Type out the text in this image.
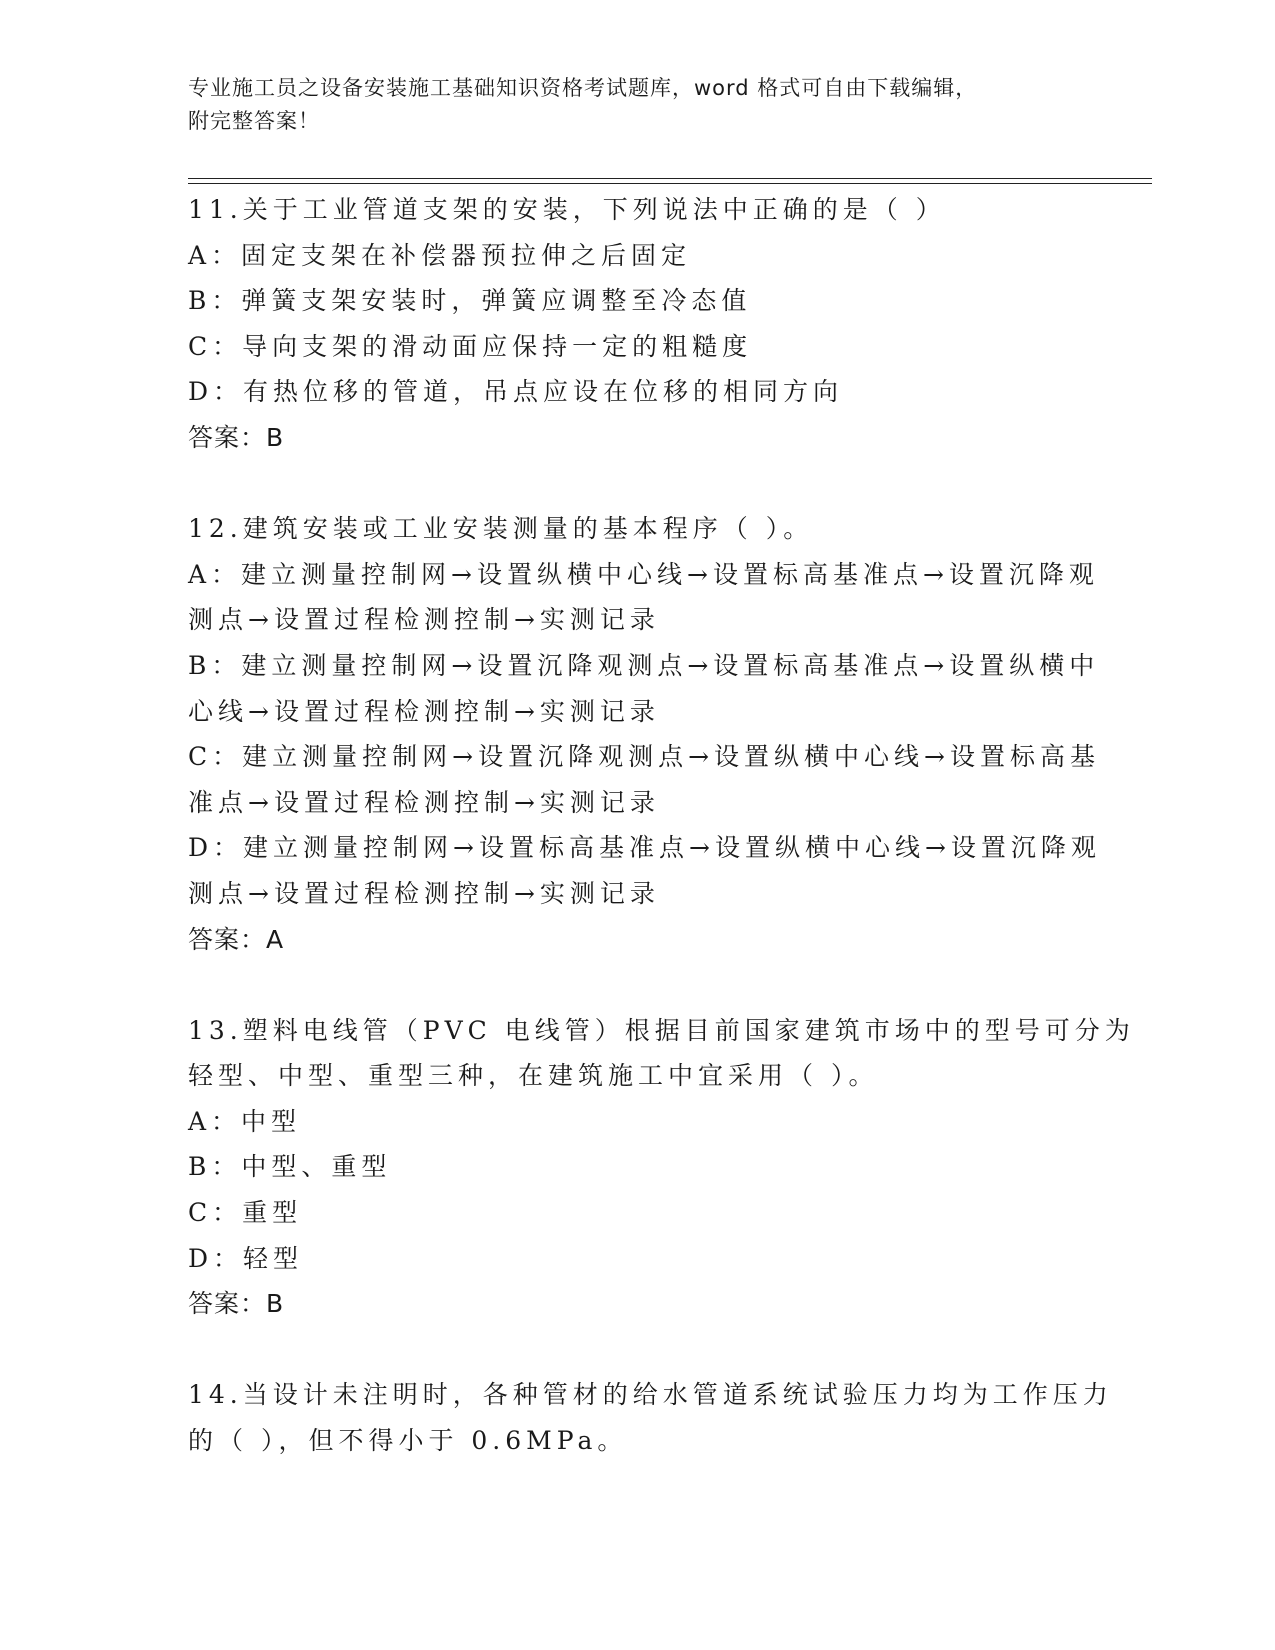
专业施工员之设备安装施工基础知识资格考试题库，word 格式可自由下载编辑，
附完整答案！
11.关于工业管道支架的安装，下列说法中正确的是（ ）
A：固定支架在补偿器预拉伸之后固定
B：弹簧支架安装时，弹簧应调整至冷态值
C：导向支架的滑动面应保持一定的粗糙度
D：有热位移的管道，吊点应设在位移的相同方向
答案：B
12.建筑安装或工业安装测量的基本程序（ ）。
A：建立测量控制网→设置纵横中心线→设置标高基准点→设置沉降观
测点→设置过程检测控制→实测记录
B：建立测量控制网→设置沉降观测点→设置标高基准点→设置纵横中
心线→设置过程检测控制→实测记录
C：建立测量控制网→设置沉降观测点→设置纵横中心线→设置标高基
准点→设置过程检测控制→实测记录
D：建立测量控制网→设置标高基准点→设置纵横中心线→设置沉降观
测点→设置过程检测控制→实测记录
答案：A
13.塑料电线管（PVC 电线管）根据目前国家建筑市场中的型号可分为
轻型、中型、重型三种，在建筑施工中宜采用（ ）。
A：中型
B：中型、重型
C：重型
D：轻型
答案：B
14.当设计未注明时，各种管材的给水管道系统试验压力均为工作压力
的（ ），但不得小于 0.6MPa。
